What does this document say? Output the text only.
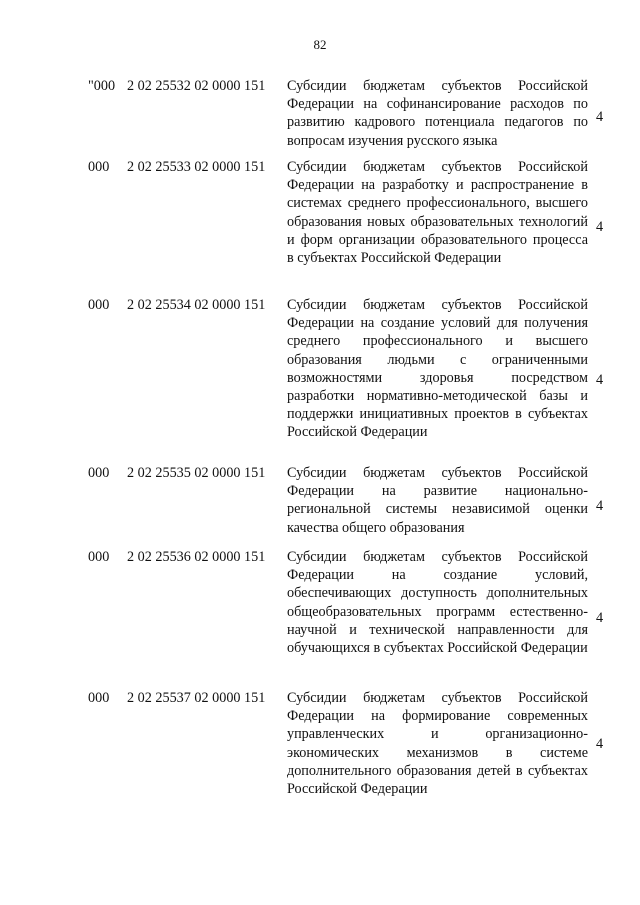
82
"000 2 02 25532 02 0000 151 Субсидии бюджетам субъектов Российской Федерации на софинансирование расходов по развитию кадрового потенциала педагогов по вопросам изучения русского языка
4
000 2 02 25533 02 0000 151 Субсидии бюджетам субъектов Российской Федерации на разработку и распространение в системах среднего профессионального, высшего образования новых образовательных технологий и форм организации образовательного процесса в субъектах Российской Федерации
4
000 2 02 25534 02 0000 151 Субсидии бюджетам субъектов Российской Федерации на создание условий для получения среднего профессионального и высшего образования людьми с ограниченными возможностями здоровья посредством разработки нормативно-методической базы и поддержки инициативных проектов в субъектах Российской Федерации
4
000 2 02 25535 02 0000 151 Субсидии бюджетам субъектов Российской Федерации на развитие национально-региональной системы независимой оценки качества общего образования
4
000 2 02 25536 02 0000 151 Субсидии бюджетам субъектов Российской Федерации на создание условий, обеспечивающих доступность дополнительных общеобразовательных программ естественно-научной и технической направленности для обучающихся в субъектах Российской Федерации
4
000 2 02 25537 02 0000 151 Субсидии бюджетам субъектов Российской Федерации на формирование современных управленческих и организационно-экономических механизмов в системе дополнительного образования детей в субъектах Российской Федерации
4
